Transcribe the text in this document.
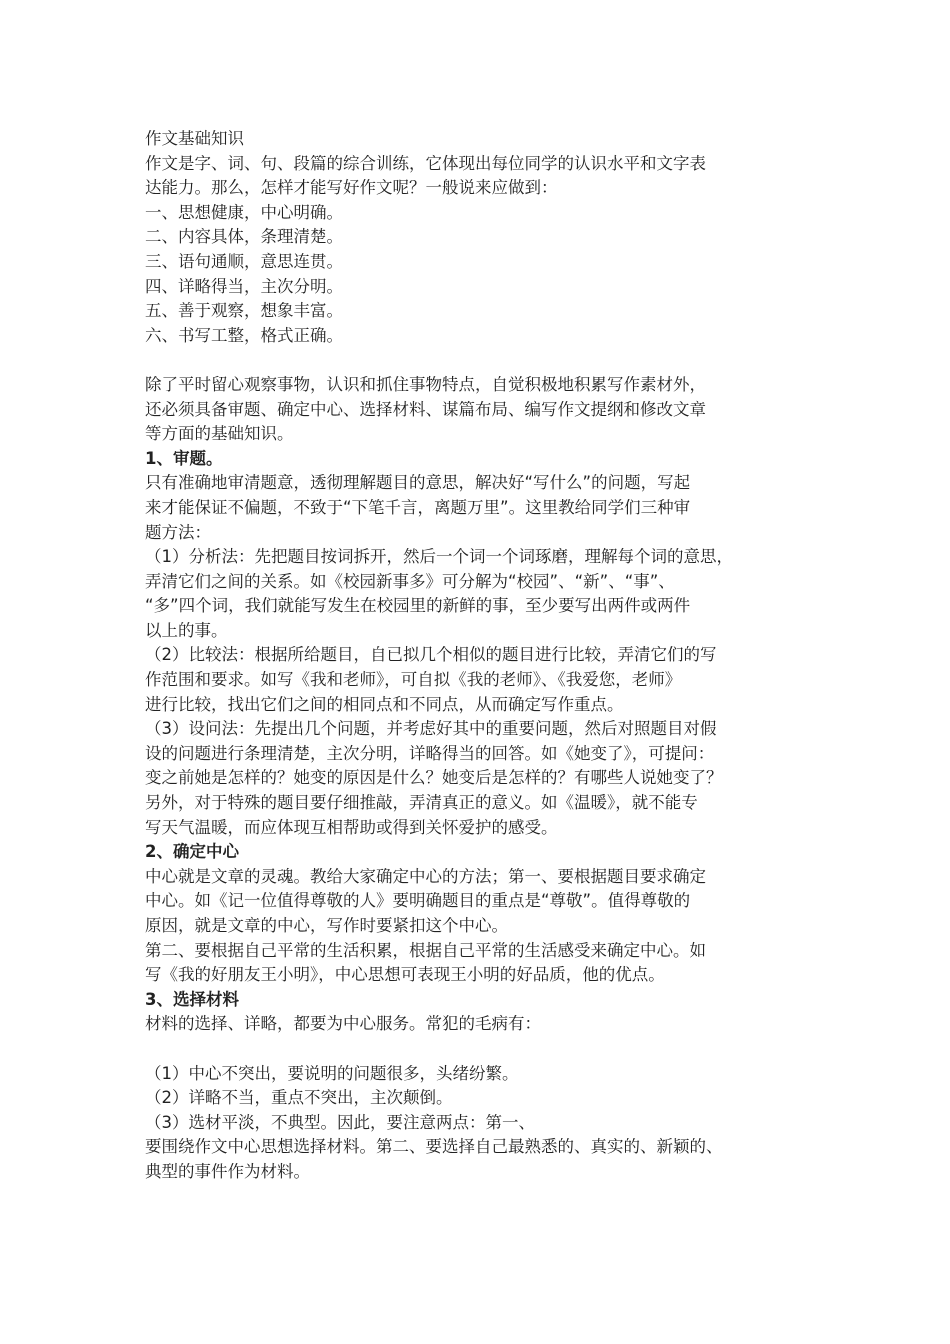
作文基础知识
作文是字、词、句、段篇的综合训练，它体现出每位同学的认识水平和文字表
达能力。那么，怎样才能写好作文呢？一般说来应做到：
一、思想健康，中心明确。
二、内容具体，条理清楚。
三、语句通顺，意思连贯。
四、详略得当，主次分明。
五、善于观察，想象丰富。
六、书写工整，格式正确。
除了平时留心观察事物，认识和抓住事物特点，自觉积极地积累写作素材外，
还必须具备审题、确定中心、选择材料、谋篇布局、编写作文提纲和修改文章
等方面的基础知识。
1、审题。
只有准确地审清题意，透彻理解题目的意思，解决好“写什么”的问题，写起
来才能保证不偏题，不致于“下笔千言，离题万里”。这里教给同学们三种审
题方法：
（1）分析法：先把题目按词拆开，然后一个词一个词琢磨，理解每个词的意思，
弄清它们之间的关系。如《校园新事多》可分解为“校园”、“新”、“事”、
“多”四个词，我们就能写发生在校园里的新鲜的事，至少要写出两件或两件
以上的事。
（2）比较法：根据所给题目，自已拟几个相似的题目进行比较，弄清它们的写
作范围和要求。如写《我和老师》，可自拟《我的老师》、《我爱您，老师》
进行比较，找出它们之间的相同点和不同点，从而确定写作重点。
（3）设问法：先提出几个问题，并考虑好其中的重要问题，然后对照题目对假
设的问题进行条理清楚，主次分明，详略得当的回答。如《她变了》，可提问：
变之前她是怎样的？她变的原因是什么？她变后是怎样的？有哪些人说她变了？
另外，对于特殊的题目要仔细推敲，弄清真正的意义。如《温暖》，就不能专
写天气温暖，而应体现互相帮助或得到关怀爱护的感受。
2、确定中心
中心就是文章的灵魂。教给大家确定中心的方法；第一、要根据题目要求确定
中心。如《记一位值得尊敬的人》要明确题目的重点是“尊敬”。值得尊敬的
原因，就是文章的中心，写作时要紧扣这个中心。
第二、要根据自己平常的生活积累，根据自己平常的生活感受来确定中心。如
写《我的好朋友王小明》，中心思想可表现王小明的好品质，他的优点。
3、选择材料
材料的选择、详略，都要为中心服务。常犯的毛病有：
（1）中心不突出，要说明的问题很多，头绪纷繁。
（2）详略不当，重点不突出，主次颠倒。
（3）选材平淡，不典型。因此，要注意两点：第一、
要围绕作文中心思想选择材料。第二、要选择自己最熟悉的、真实的、新颖的、
典型的事件作为材料。
